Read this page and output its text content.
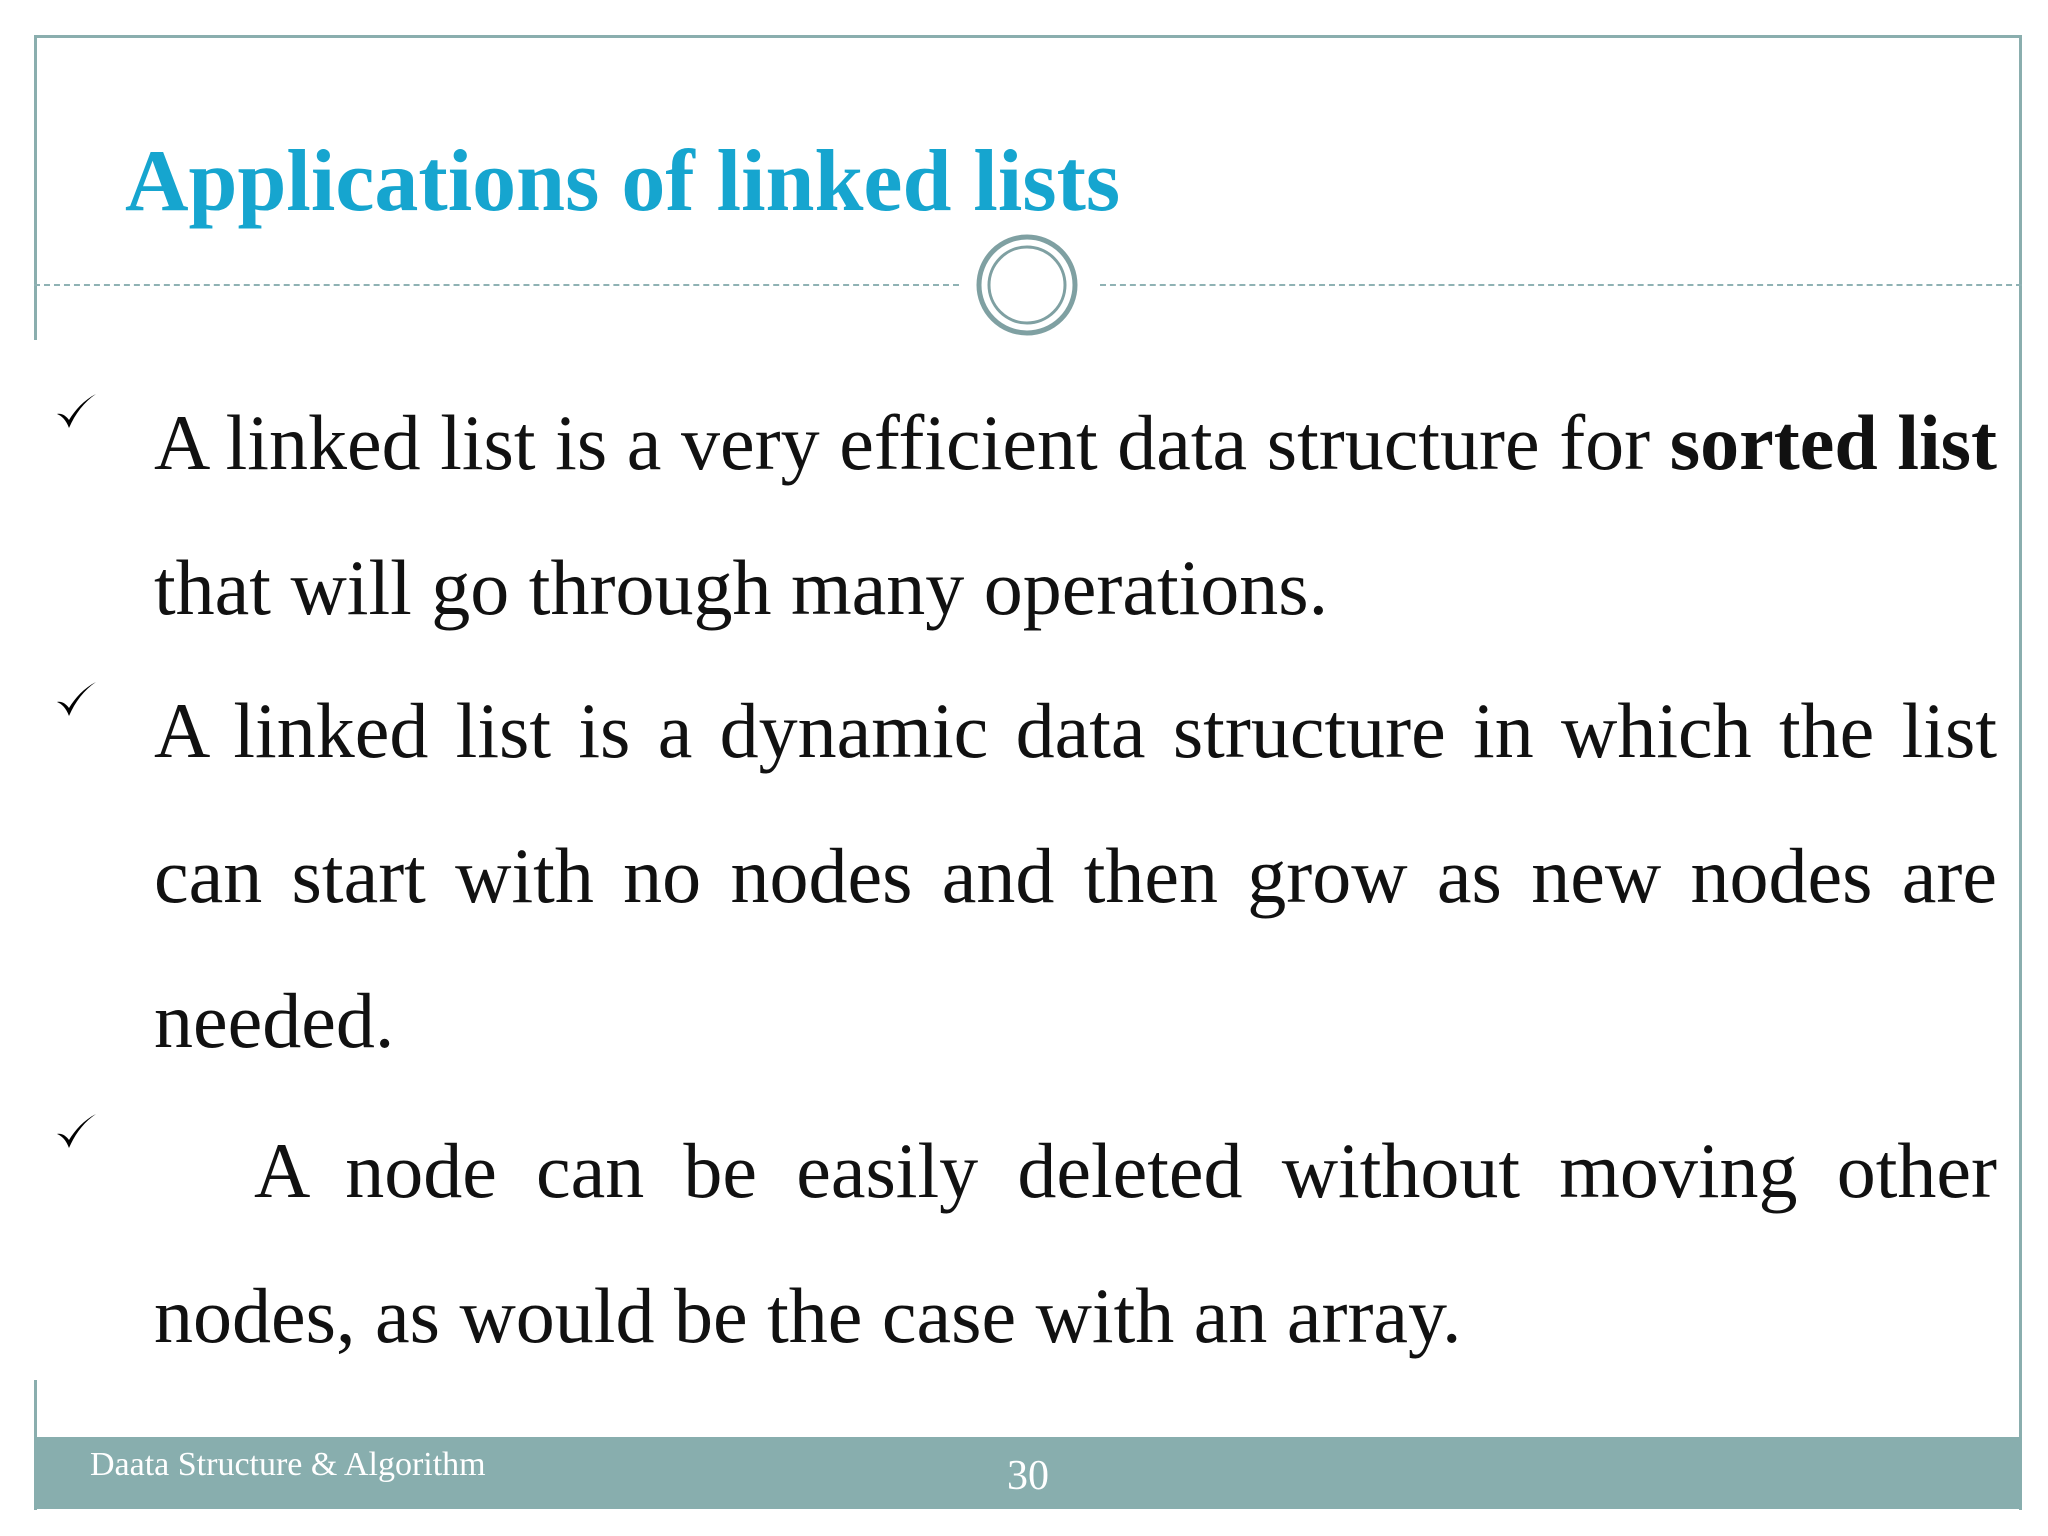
Applications of linked lists

A linked list is a very efficient data structure for sorted list that will go through many operations.

A linked list is a dynamic data structure in which the list can start with no nodes and then grow as new nodes are needed.

A node can be easily deleted without moving other nodes, as would be the case with an array.

Daata Structure & Algorithm	30
